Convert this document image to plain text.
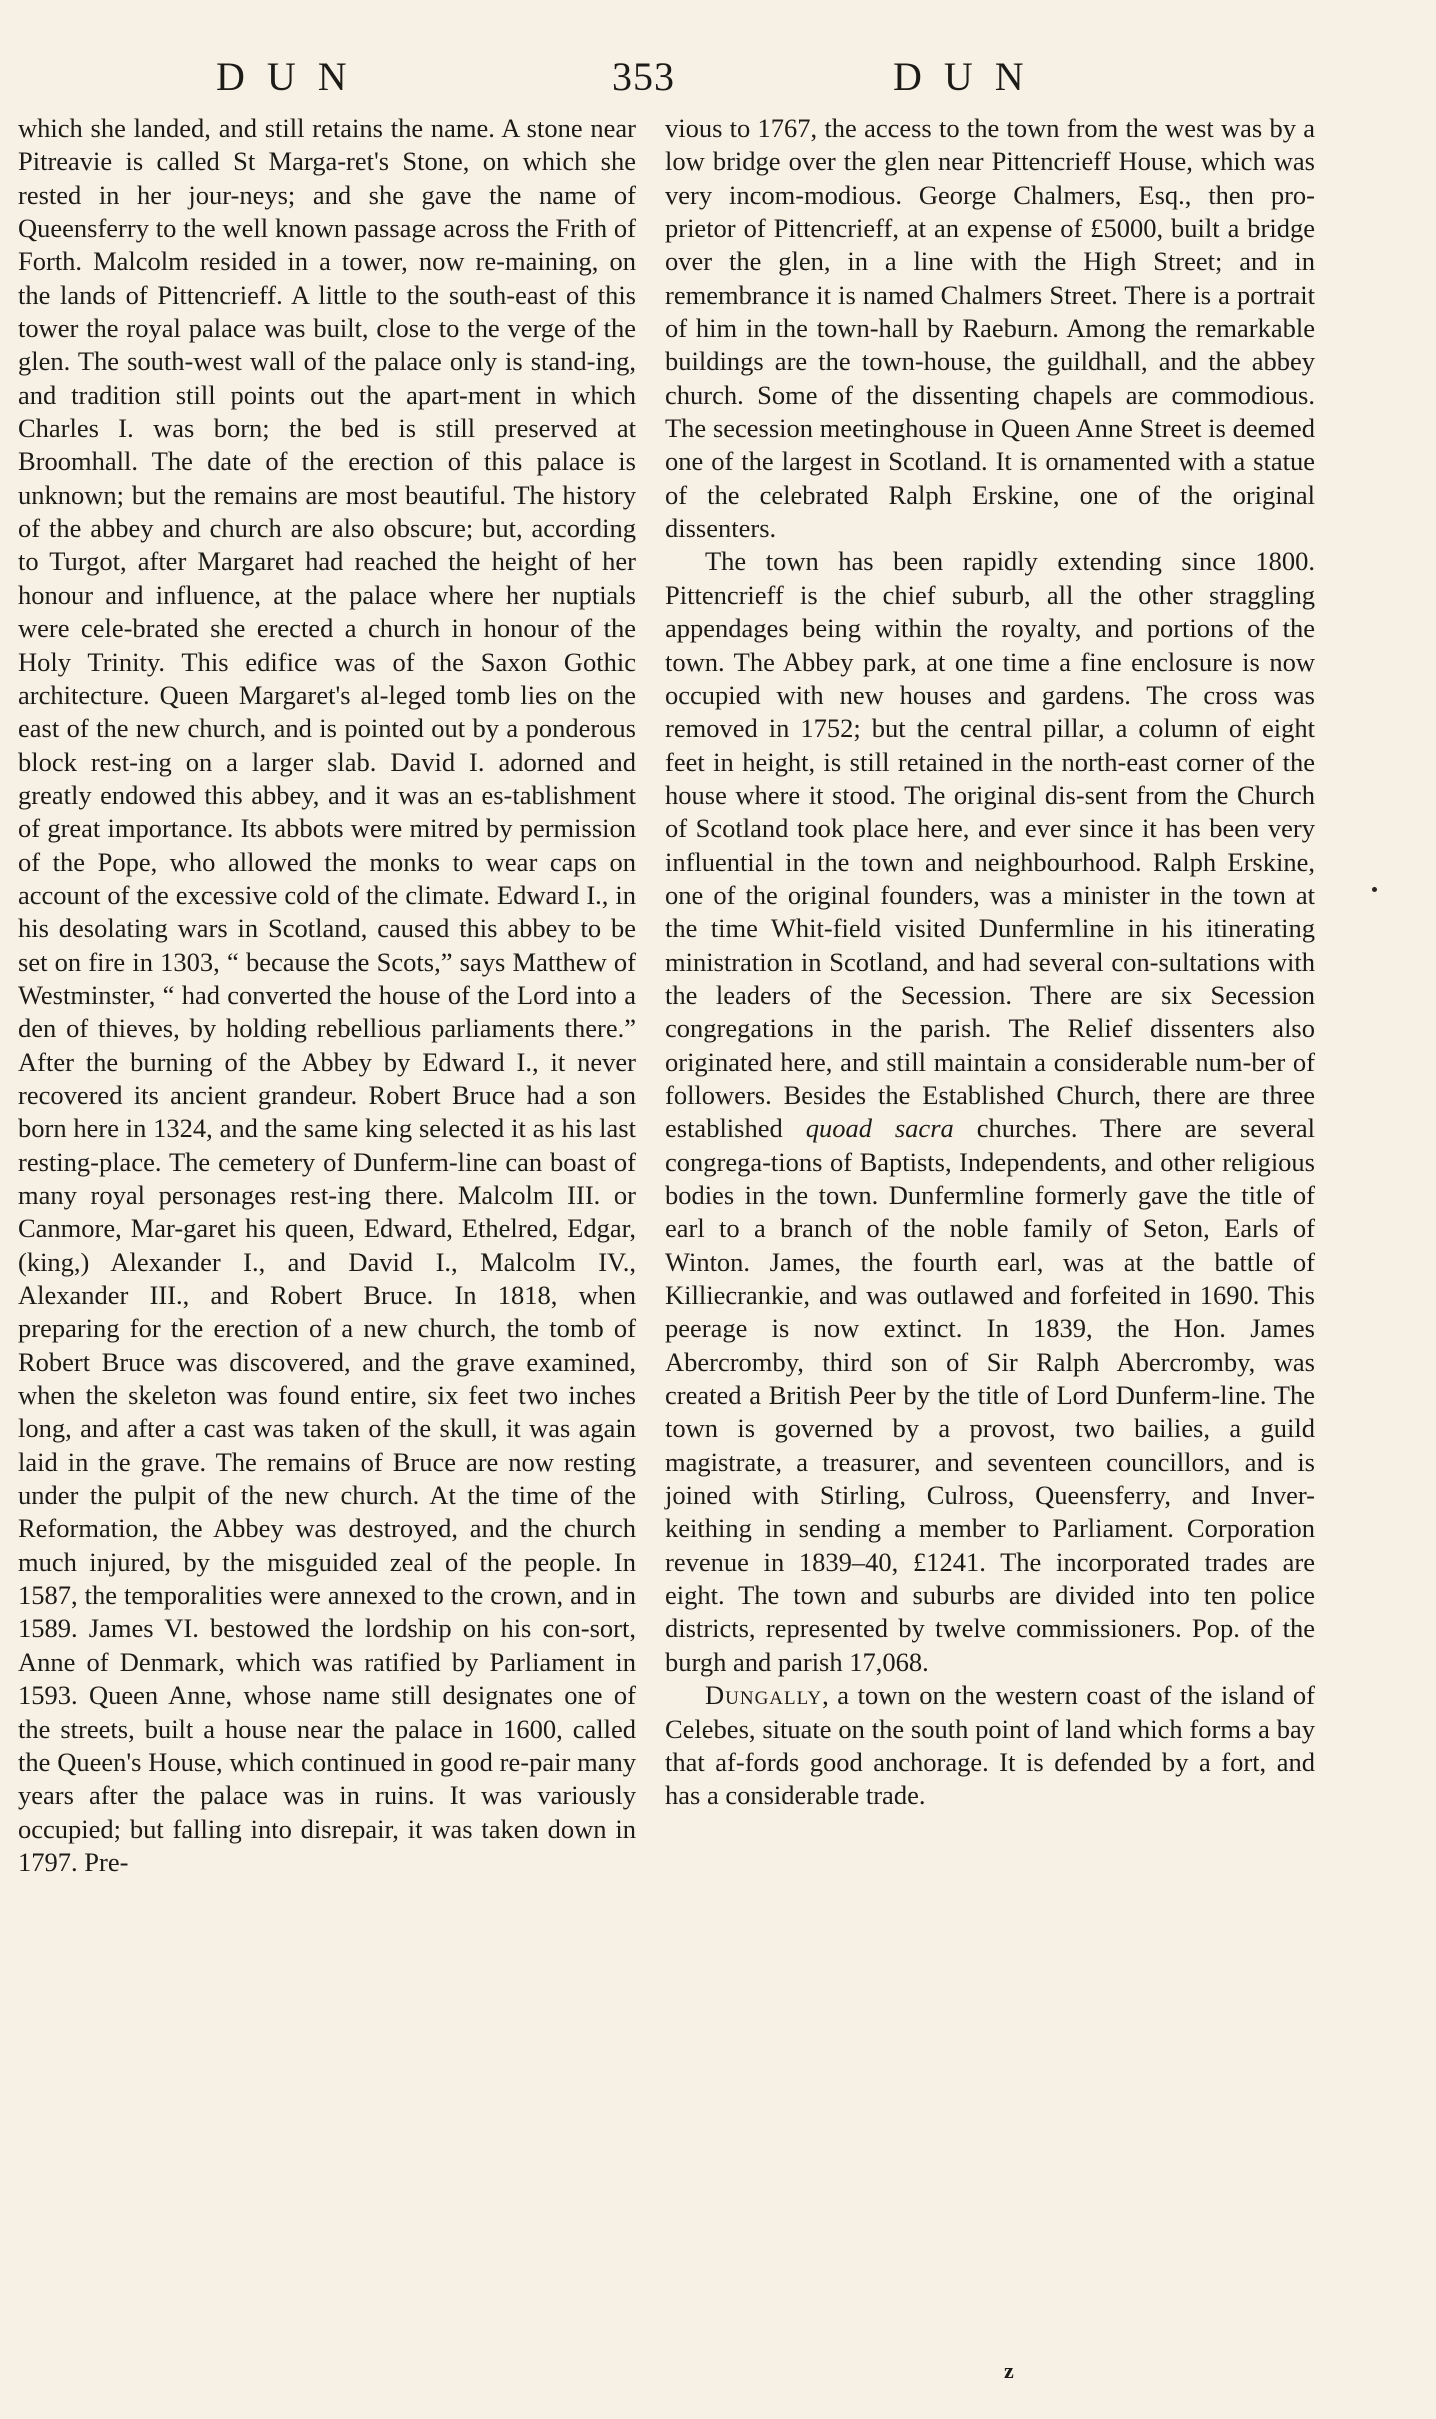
DUN	353	DUN

which she landed, and still retains the name. A stone near Pitreavie is called St Marga-ret's Stone, on which she rested in her jour-neys; and she gave the name of Queensferry to the well known passage across the Frith of Forth. Malcolm resided in a tower, now re-maining, on the lands of Pittencrieff. A little to the south-east of this tower the royal palace was built, close to the verge of the glen. The south-west wall of the palace only is stand-ing, and tradition still points out the apart-ment in which Charles I. was born; the bed is still preserved at Broomhall. The date of the erection of this palace is unknown; but the remains are most beautiful. The history of the abbey and church are also obscure; but, according to Turgot, after Margaret had reached the height of her honour and influence, at the palace where her nuptials were cele-brated she erected a church in honour of the Holy Trinity. This edifice was of the Saxon Gothic architecture. Queen Margaret's al-leged tomb lies on the east of the new church, and is pointed out by a ponderous block rest-ing on a larger slab. David I. adorned and greatly endowed this abbey, and it was an es-tablishment of great importance. Its abbots were mitred by permission of the Pope, who allowed the monks to wear caps on account of the excessive cold of the climate. Edward I., in his desolating wars in Scotland, caused this abbey to be set on fire in 1303, “ because the Scots,” says Matthew of Westminster, “ had converted the house of the Lord into a den of thieves, by holding rebellious parliaments there.” After the burning of the Abbey by Edward I., it never recovered its ancient grandeur. Robert Bruce had a son born here in 1324, and the same king selected it as his last resting-place. The cemetery of Dunferm-line can boast of many royal personages rest-ing there. Malcolm III. or Canmore, Mar-garet his queen, Edward, Ethelred, Edgar, (king,) Alexander I., and David I., Malcolm IV., Alexander III., and Robert Bruce. In 1818, when preparing for the erection of a new church, the tomb of Robert Bruce was discovered, and the grave examined, when the skeleton was found entire, six feet two inches long, and after a cast was taken of the skull, it was again laid in the grave. The remains of Bruce are now resting under the pulpit of the new church. At the time of the Reformation, the Abbey was destroyed, and the church much injured, by the misguided zeal of the people. In 1587, the temporalities were annexed to the crown, and in 1589. James VI. bestowed the lordship on his con-sort, Anne of Denmark, which was ratified by Parliament in 1593. Queen Anne, whose name still designates one of the streets, built a house near the palace in 1600, called the Queen's House, which continued in good re-pair many years after the palace was in ruins. It was variously occupied; but falling into disrepair, it was taken down in 1797. Pre-

vious to 1767, the access to the town from the west was by a low bridge over the glen near Pittencrieff House, which was very incom-modious. George Chalmers, Esq., then pro-prietor of Pittencrieff, at an expense of £5000, built a bridge over the glen, in a line with the High Street; and in remembrance it is named Chalmers Street. There is a portrait of him in the town-hall by Raeburn. Among the remarkable buildings are the town-house, the guildhall, and the abbey church. Some of the dissenting chapels are commodious. The secession meetinghouse in Queen Anne Street is deemed one of the largest in Scotland. It is ornamented with a statue of the celebrated Ralph Erskine, one of the original dissenters.

The town has been rapidly extending since 1800. Pittencrieff is the chief suburb, all the other straggling appendages being within the royalty, and portions of the town. The Abbey park, at one time a fine enclosure is now occupied with new houses and gardens. The cross was removed in 1752; but the central pillar, a column of eight feet in height, is still retained in the north-east corner of the house where it stood. The original dis-sent from the Church of Scotland took place here, and ever since it has been very influential in the town and neighbourhood. Ralph Erskine, one of the original founders, was a minister in the town at the time Whit-field visited Dunfermline in his itinerating ministration in Scotland, and had several con-sultations with the leaders of the Secession. There are six Secession congregations in the parish. The Relief dissenters also originated here, and still maintain a considerable num-ber of followers. Besides the Established Church, there are three established quoad sacra churches. There are several congrega-tions of Baptists, Independents, and other religious bodies in the town. Dunfermline formerly gave the title of earl to a branch of the noble family of Seton, Earls of Winton. James, the fourth earl, was at the battle of Killiecrankie, and was outlawed and forfeited in 1690. This peerage is now extinct. In 1839, the Hon. James Abercromby, third son of Sir Ralph Abercromby, was created a British Peer by the title of Lord Dunferm-line. The town is governed by a provost, two bailies, a guild magistrate, a treasurer, and seventeen councillors, and is joined with Stirling, Culross, Queensferry, and Inver-keithing in sending a member to Parliament. Corporation revenue in 1839–40, £1241. The incorporated trades are eight. The town and suburbs are divided into ten police districts, represented by twelve commissioners. Pop. of the burgh and parish 17,068.

Dungally, a town on the western coast of the island of Celebes, situate on the south point of land which forms a bay that af-fords good anchorage. It is defended by a fort, and has a considerable trade.

z
